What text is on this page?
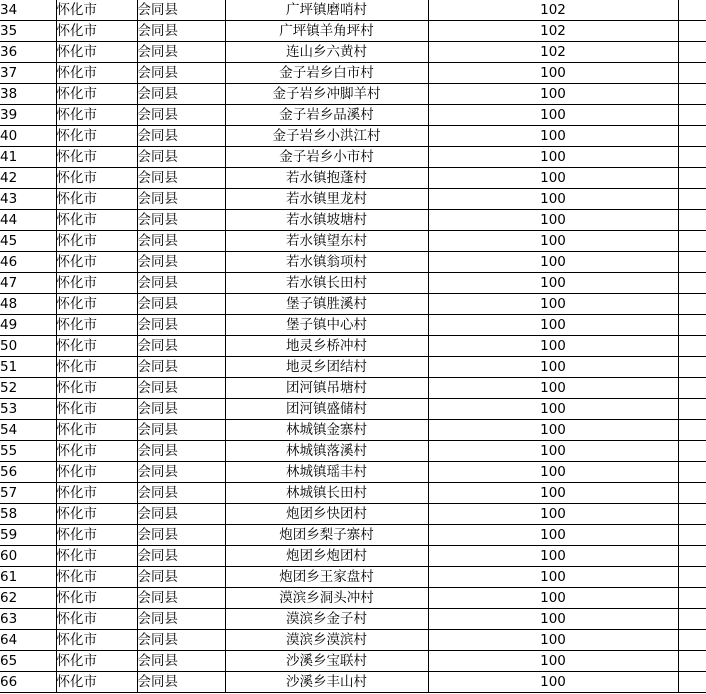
34	怀化市	会同县	广坪镇磨哨村	102	
35	怀化市	会同县	广坪镇羊角坪村	102	
36	怀化市	会同县	连山乡六黄村	102	
37	怀化市	会同县	金子岩乡白市村	100	
38	怀化市	会同县	金子岩乡冲脚羊村	100	
39	怀化市	会同县	金子岩乡品溪村	100	
40	怀化市	会同县	金子岩乡小洪江村	100	
41	怀化市	会同县	金子岩乡小市村	100	
42	怀化市	会同县	若水镇抱蓬村	100	
43	怀化市	会同县	若水镇里龙村	100	
44	怀化市	会同县	若水镇坡塘村	100	
45	怀化市	会同县	若水镇望东村	100	
46	怀化市	会同县	若水镇翁项村	100	
47	怀化市	会同县	若水镇长田村	100	
48	怀化市	会同县	堡子镇胜溪村	100	
49	怀化市	会同县	堡子镇中心村	100	
50	怀化市	会同县	地灵乡桥冲村	100	
51	怀化市	会同县	地灵乡团结村	100	
52	怀化市	会同县	团河镇吊塘村	100	
53	怀化市	会同县	团河镇盛储村	100	
54	怀化市	会同县	林城镇金寨村	100	
55	怀化市	会同县	林城镇落溪村	100	
56	怀化市	会同县	林城镇瑶丰村	100	
57	怀化市	会同县	林城镇长田村	100	
58	怀化市	会同县	炮团乡快团村	100	
59	怀化市	会同县	炮团乡梨子寨村	100	
60	怀化市	会同县	炮团乡炮团村	100	
61	怀化市	会同县	炮团乡王家盘村	100	
62	怀化市	会同县	漠滨乡洞头冲村	100	
63	怀化市	会同县	漠滨乡金子村	100	
64	怀化市	会同县	漠滨乡漠滨村	100	
65	怀化市	会同县	沙溪乡宝联村	100	
66	怀化市	会同县	沙溪乡丰山村	100	
